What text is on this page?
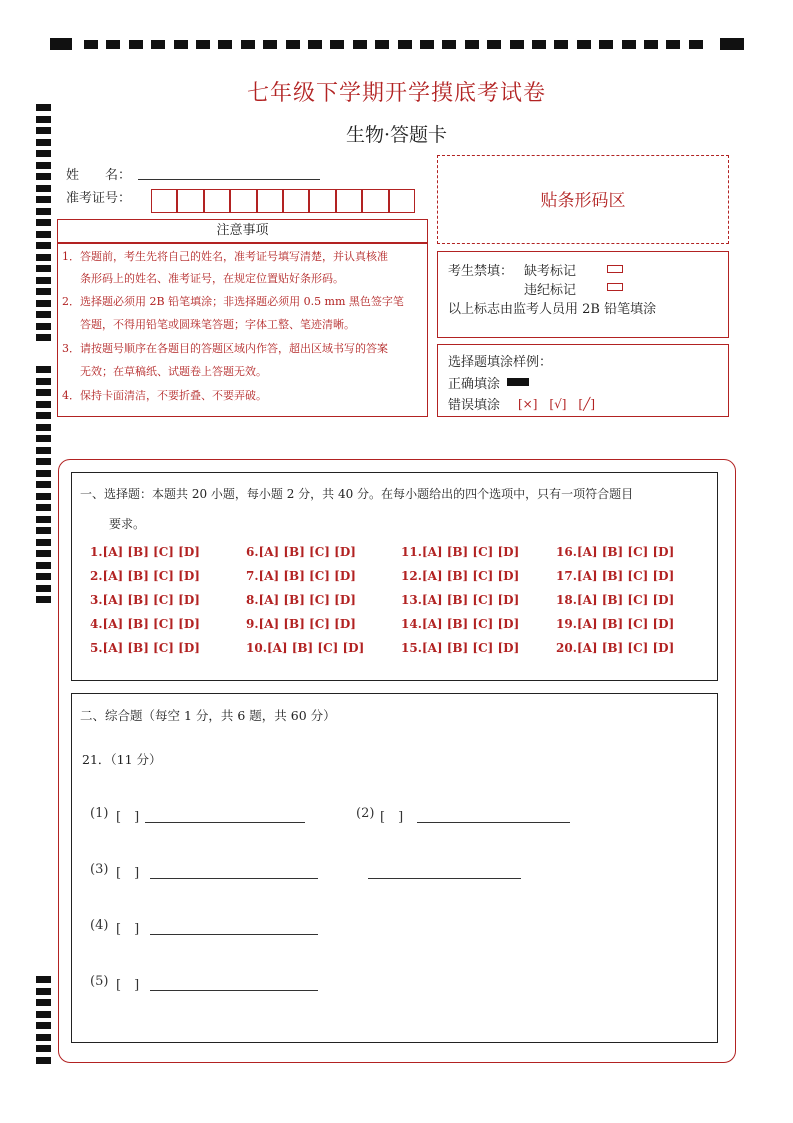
七年级下学期开学摸底考试卷
生物·答题卡
姓　　名：
准考证号：	贴条形码区
注意事项
1．答题前，考生先将自己的姓名，准考证号填写清楚，并认真核准
条形码上的姓名、准考证号，在规定位置贴好条形码。
2．选择题必须用 2B 铅笔填涂；非选择题必须用 0.5 mm 黑色签字笔
答题，不得用铅笔或圆珠笔答题；字体工整、笔迹清晰。
3．请按题号顺序在各题目的答题区域内作答，超出区域书写的答案
无效；在草稿纸、试题卷上答题无效。
4．保持卡面清洁，不要折叠、不要弄破。
考生禁填： 缺考标记
违纪标记
以上标志由监考人员用 2B 铅笔填涂
选择题填涂样例：
正确填涂
错误填涂 [×]　[√]　[╱]
一、选择题：本题共 20 小题，每小题 2 分，共 40 分。在每小题给出的四个选项中，只有一项符合题目
要求。
1.[A] [B] [C] [D]
2.[A] [B] [C] [D]
3.[A] [B] [C] [D]
4.[A] [B] [C] [D]
5.[A] [B] [C] [D]
6.[A] [B] [C] [D]
7.[A] [B] [C] [D]
8.[A] [B] [C] [D]
9.[A] [B] [C] [D]
10.[A] [B] [C] [D]
11.[A] [B] [C] [D]
12.[A] [B] [C] [D]
13.[A] [B] [C] [D]
14.[A] [B] [C] [D]
15.[A] [B] [C] [D]
16.[A] [B] [C] [D]
17.[A] [B] [C] [D]
18.[A] [B] [C] [D]
19.[A] [B] [C] [D]
20.[A] [B] [C] [D]
二、综合题（每空 1 分，共 6 题，共 60 分）
21．（11 分）
(1) [　]	(2) [　]
(3) [　]
(4) [　]
(5) [　]
